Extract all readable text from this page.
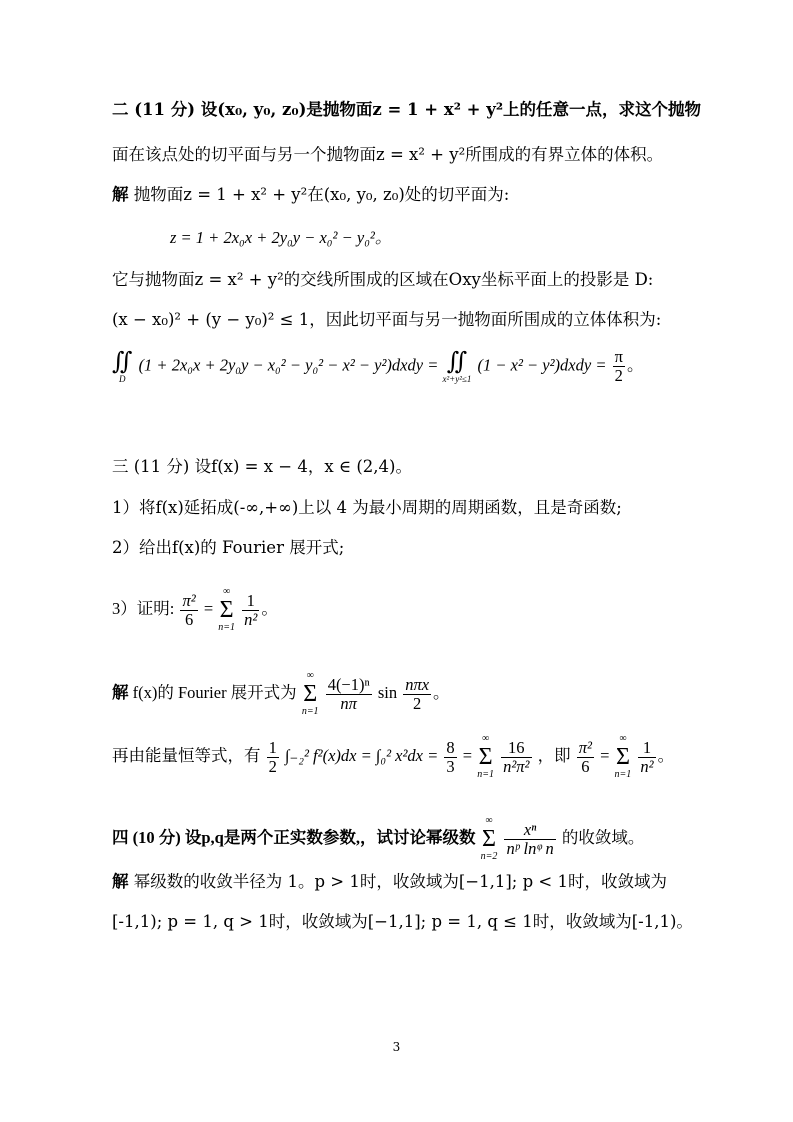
二 (11 分) 设(x₀, y₀, z₀)是抛物面z = 1 + x² + y²上的任意一点，求这个抛物
面在该点处的切平面与另一个抛物面z = x² + y²所围成的有界立体的体积。
解 抛物面z = 1 + x² + y²在(x₀, y₀, z₀)处的切平面为:
z = 1 + 2x₀x + 2y₀y − x₀² − y₀²。
它与抛物面z = x² + y²的交线所围成的区域在Oxy坐标平面上的投影是 D:
(x − x₀)² + (y − y₀)² ≤ 1，因此切平面与另一抛物面所围成的立体体积为:
∬
D
(1 + 2x₀x + 2y₀y − x₀² − y₀² − x² − y²)dxdy = ∬
x²+y²≤1
(1 − x² − y²)dxdy = $\frac{\pi}{2}$ 。
三 (11 分) 设f(x) = x − 4，x ∈ (2,4)。
1）将f(x)延拓成(-∞,+∞)上以 4 为最小周期的周期函数，且是奇函数;
2）给出f(x)的 Fourier 展开式;
3）证明: $\frac{\text{π²}}{6}$ =
∞
Σ
n=1
$\frac{1}{\text{n²}}$ 。
解 f(x)的 Fourier 展开式为
∞
Σ
n=1
$\frac{\text{4(−1)ⁿ}}{n\pi}$ $\sin \frac{\text{nπx}}{2}$ 。
再由能量恒等式，有 $\frac{1}{2} \int_{-2}^2$ f²(x)dx = ∫₀² $x^2dx = \frac{8}{3}$ =
∞
Σ
n=1
$\frac{16}{\text{n²π²}}$ ，即 $\frac{\text{π²}}{6}$ =
∞
Σ
n=1
$\frac{1}{\text{n²}}$ 。
四 (10 分) 设p,q是两个正实数参数,，试讨论幂级数
∞
Σ
n=2
$\frac{\text{xⁿ}}{\text{nᵖ lnᵠ n}}$ 的收敛域。
解 幂级数的收敛半径为 1。p > 1时，收敛域为[−1,1]; p < 1时，收敛域为
[-1,1); p = 1, q > 1时，收敛域为[−1,1]; p = 1, q ≤ 1时，收敛域为[-1,1)。
3
